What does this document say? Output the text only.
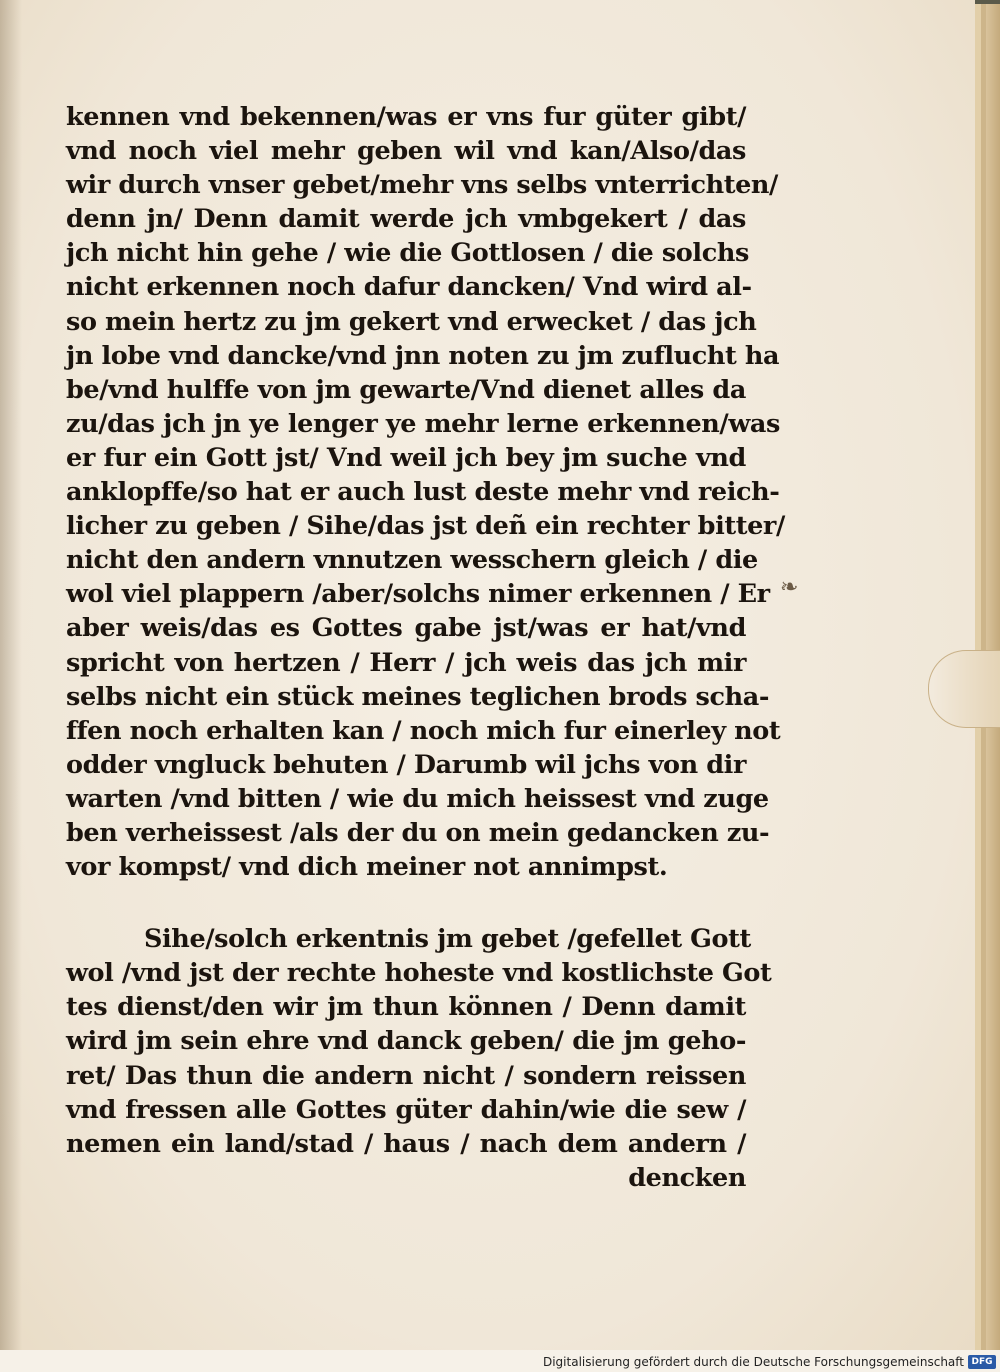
❧
kennen vnd bekennen/was er vns fur güter gibt/
vnd noch viel mehr geben wil vnd kan/Also/das
wir durch vnser gebet/mehr vns selbs vnterrichten/
denn jn/ Denn damit werde jch vmbgekert / das
jch nicht hin gehe / wie die Gottlosen / die solchs
nicht erkennen noch dafur dancken/ Vnd wird al-
so mein hertz zu jm gekert vnd erwecket / das jch
jn lobe vnd dancke/vnd jnn noten zu jm zuflucht ha
be/vnd hulffe von jm gewarte/Vnd dienet alles da
zu/das jch jn ye lenger ye mehr lerne erkennen/was
er fur ein Gott jst/ Vnd weil jch bey jm suche vnd
anklopffe/so hat er auch lust deste mehr vnd reich-
licher zu geben / Sihe/das jst deñ ein rechter bitter/
nicht den andern vnnutzen wesschern gleich / die
wol viel plappern /aber/solchs nimer erkennen / Er
aber weis/das es Gottes gabe jst/was er hat/vnd
spricht von hertzen / Herr / jch weis das jch mir
selbs nicht ein stück meines teglichen brods scha-
ffen noch erhalten kan / noch mich fur einerley not
odder vngluck behuten / Darumb wil jchs von dir
warten /vnd bitten / wie du mich heissest vnd zuge
ben verheissest /als der du on mein gedancken zu-
vor kompst/ vnd dich meiner not annimpst.
Sihe/solch erkentnis jm gebet /gefellet Gott
wol /vnd jst der rechte hoheste vnd kostlichste Got
tes dienst/den wir jm thun können / Denn damit
wird jm sein ehre vnd danck geben/ die jm geho-
ret/ Das thun die andern nicht / sondern reissen
vnd fressen alle Gottes güter dahin/wie die sew /
nemen ein land/stad / haus / nach dem andern /
dencken
Digitalisierung gefördert durch die Deutsche Forschungsgemeinschaft DFG
